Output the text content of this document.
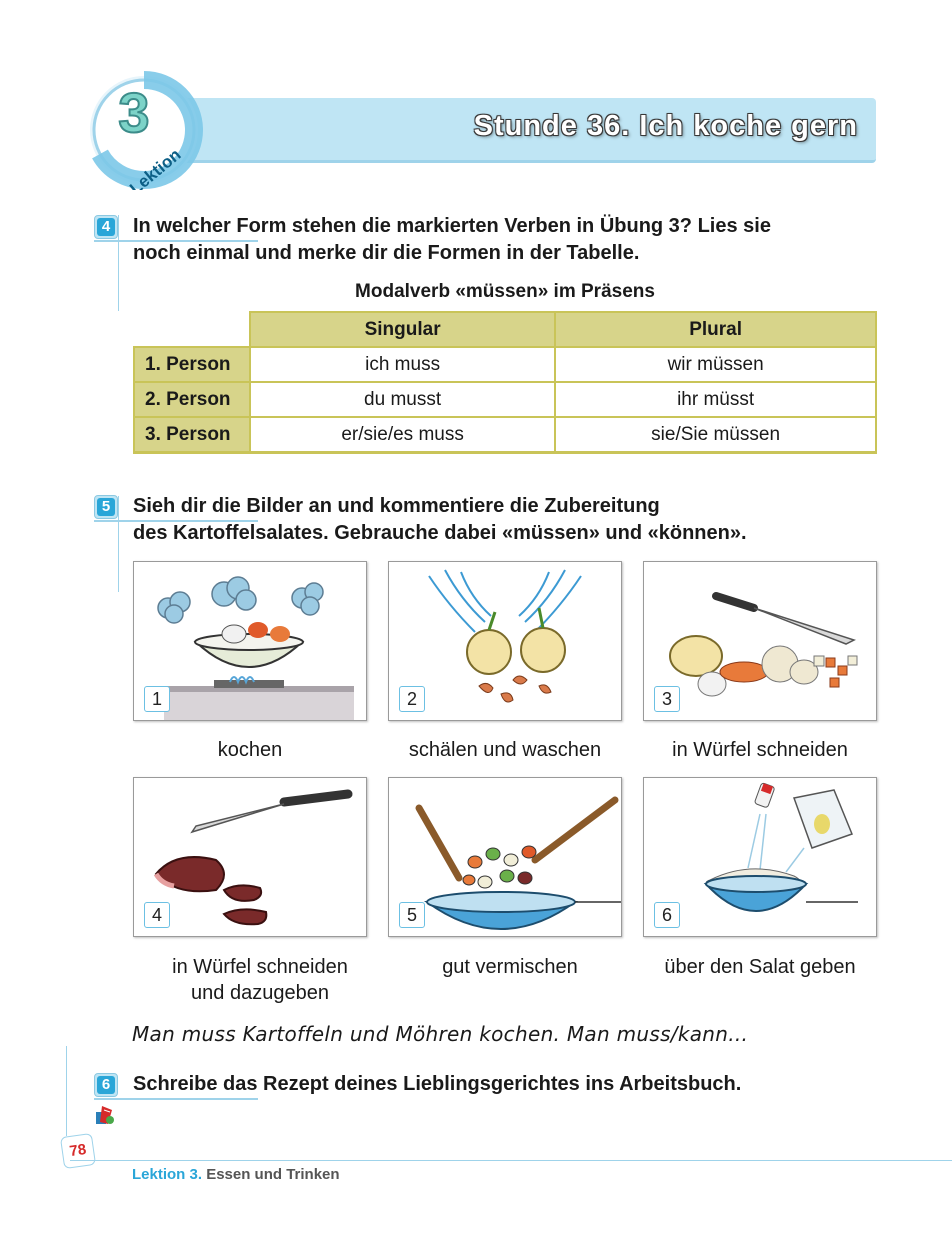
Stunde 36. Ich koche gern
3
Lektion
4 In welcher Form stehen die markierten Verben in Übung 3? Lies sie
noch einmal und merke dir die Formen in der Tabelle.
Modalverb «müssen» im Präsens
	Singular	Plural
1. Person	ich muss	wir müssen
2. Person	du musst	ihr müsst
3. Person	er/sie/es muss	sie/Sie müssen
5 Sieh dir die Bilder an und kommentiere die Zubereitung
des Kartoffelsalates. Gebrauche dabei «müssen» und «können».
1	2	3
kochen	schälen und waschen	in Würfel schneiden
4	5	6
in Würfel schneiden
und dazugeben
gut vermischen	über den Salat geben
Man muss Kartoffeln und Möhren kochen. Man muss/kann...
6 Schreibe das Rezept deines Lieblingsgerichtes ins Arbeitsbuch.
78
Lektion 3. Essen und Trinken
